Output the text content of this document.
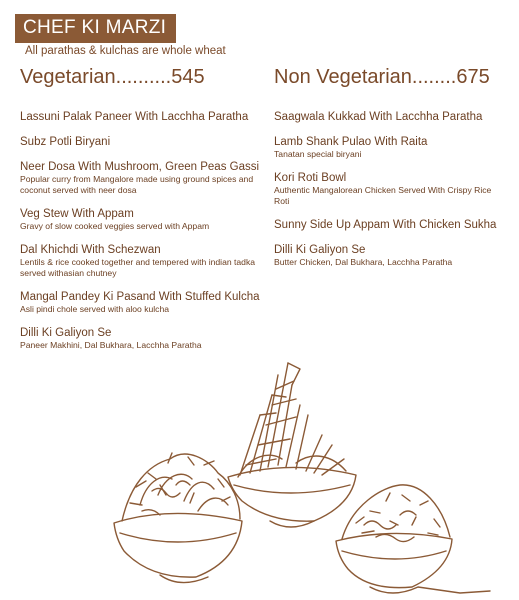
CHEF KI MARZI
All parathas & kulchas are whole wheat
Vegetarian..........545
Lassuni Palak Paneer With Lacchha Paratha
Subz Potli Biryani
Neer Dosa With Mushroom, Green Peas Gassi
Popular curry from Mangalore made using ground spices and coconut served with neer dosa
Veg Stew With Appam
Gravy of slow cooked veggies served with Appam
Dal Khichdi With Schezwan
Lentils & rice cooked together and tempered with indian tadka served withasian chutney
Mangal Pandey Ki Pasand With Stuffed Kulcha
Asli pindi chole served with aloo kulcha
Dilli Ki Galiyon Se
Paneer Makhini, Dal Bukhara, Lacchha Paratha
Non Vegetarian........675
Saagwala Kukkad With Lacchha Paratha
Lamb Shank Pulao With Raita
Tanatan special biryani
Kori Roti Bowl
Authentic Mangalorean Chicken Served With Crispy Rice Roti
Sunny Side Up Appam With Chicken Sukha
Dilli Ki Galiyon Se
Butter Chicken, Dal Bukhara, Lacchha Paratha
